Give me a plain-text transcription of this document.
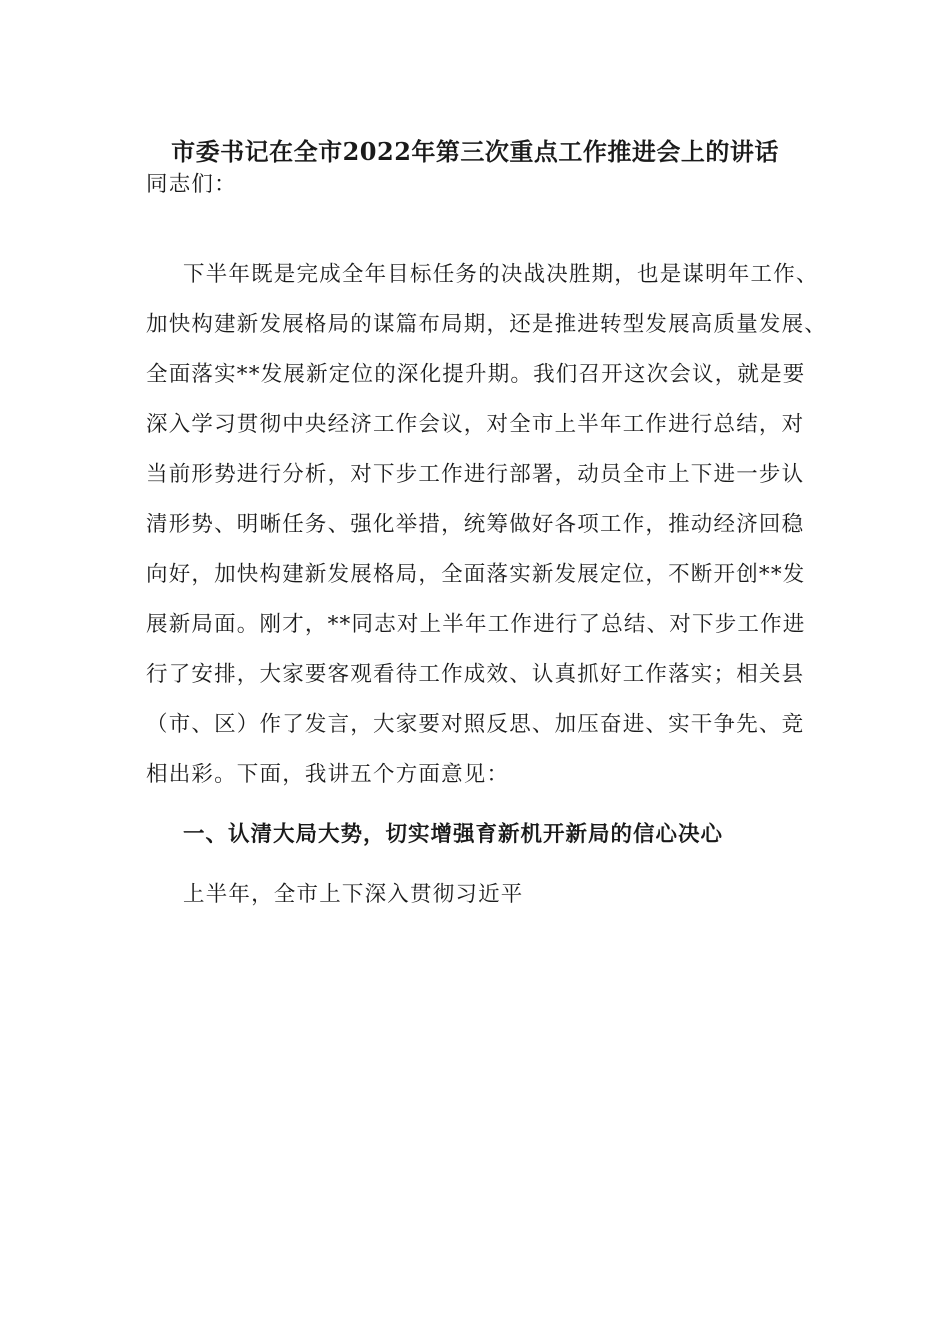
市委书记在全市2022年第三次重点工作推进会上的讲话
同志们：
下半年既是完成全年目标任务的决战决胜期，也是谋明年工作、
加快构建新发展格局的谋篇布局期，还是推进转型发展高质量发展、
全面落实**发展新定位的深化提升期。我们召开这次会议，就是要
深入学习贯彻中央经济工作会议，对全市上半年工作进行总结，对
当前形势进行分析，对下步工作进行部署，动员全市上下进一步认
清形势、明晰任务、强化举措，统筹做好各项工作，推动经济回稳
向好，加快构建新发展格局，全面落实新发展定位，不断开创**发
展新局面。刚才，**同志对上半年工作进行了总结、对下步工作进
行了安排，大家要客观看待工作成效、认真抓好工作落实；相关县
（市、区）作了发言，大家要对照反思、加压奋进、实干争先、竞
相出彩。下面，我讲五个方面意见：
一、认清大局大势，切实增强育新机开新局的信心决心
上半年，全市上下深入贯彻习近平
